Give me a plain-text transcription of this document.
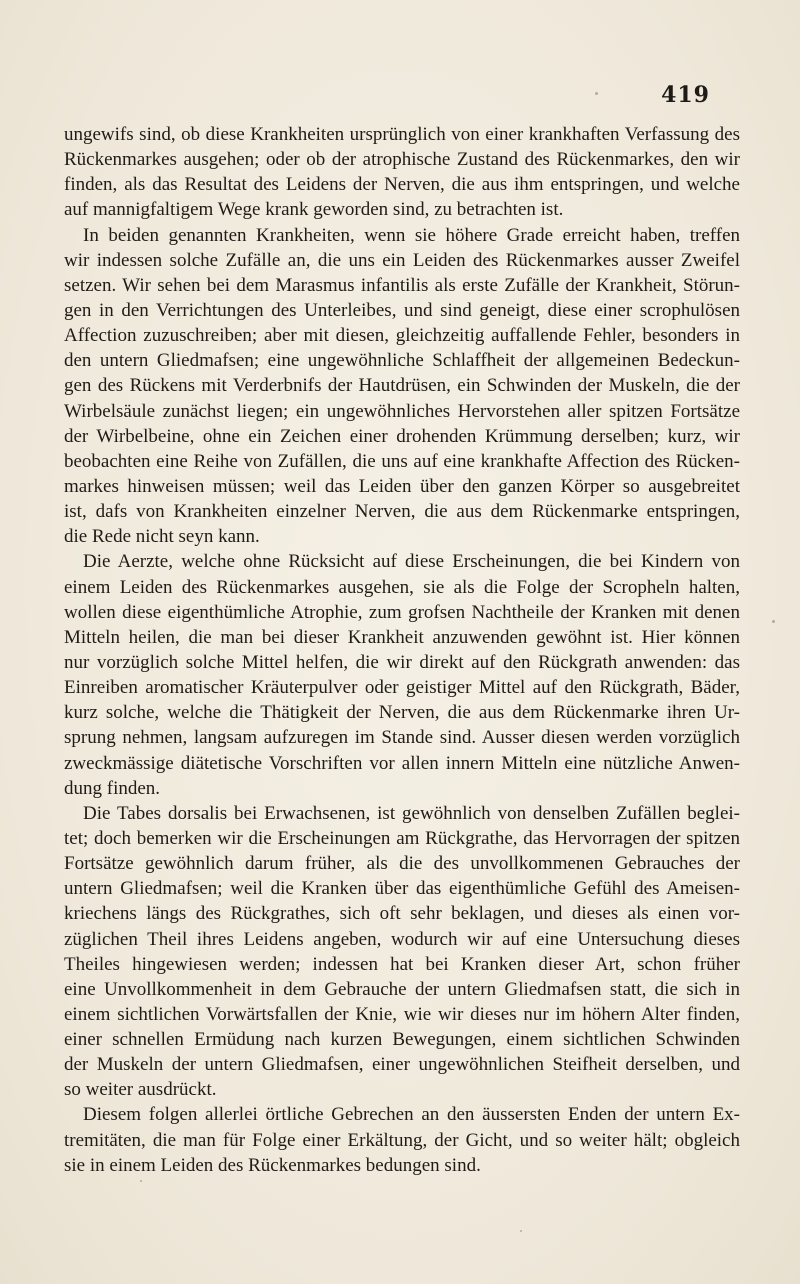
419
ungewifs sind, ob diese Krankheiten ursprünglich von einer krankhaften Verfassung des
Rückenmarkes ausgehen; oder ob der atrophische Zustand des Rückenmarkes, den wir
finden, als das Resultat des Leidens der Nerven, die aus ihm entspringen, und welche
auf mannigfaltigem Wege krank geworden sind, zu betrachten ist.
In beiden genannten Krankheiten, wenn sie höhere Grade erreicht haben, treffen
wir indessen solche Zufälle an, die uns ein Leiden des Rückenmarkes ausser Zweifel
setzen. Wir sehen bei dem Marasmus infantilis als erste Zufälle der Krankheit, Störun-
gen in den Verrichtungen des Unterleibes, und sind geneigt, diese einer scrophulösen
Affection zuzuschreiben; aber mit diesen, gleichzeitig auffallende Fehler, besonders in
den untern Gliedmafsen; eine ungewöhnliche Schlaffheit der allgemeinen Bedeckun-
gen des Rückens mit Verderbnifs der Hautdrüsen, ein Schwinden der Muskeln, die der
Wirbelsäule zunächst liegen; ein ungewöhnliches Hervorstehen aller spitzen Fortsätze
der Wirbelbeine, ohne ein Zeichen einer drohenden Krümmung derselben; kurz, wir
beobachten eine Reihe von Zufällen, die uns auf eine krankhafte Affection des Rücken-
markes hinweisen müssen; weil das Leiden über den ganzen Körper so ausgebreitet
ist, dafs von Krankheiten einzelner Nerven, die aus dem Rückenmarke entspringen,
die Rede nicht seyn kann.
Die Aerzte, welche ohne Rücksicht auf diese Erscheinungen, die bei Kindern von
einem Leiden des Rückenmarkes ausgehen, sie als die Folge der Scropheln halten,
wollen diese eigenthümliche Atrophie, zum grofsen Nachtheile der Kranken mit denen
Mitteln heilen, die man bei dieser Krankheit anzuwenden gewöhnt ist. Hier können
nur vorzüglich solche Mittel helfen, die wir direkt auf den Rückgrath anwenden: das
Einreiben aromatischer Kräuterpulver oder geistiger Mittel auf den Rückgrath, Bäder,
kurz solche, welche die Thätigkeit der Nerven, die aus dem Rückenmarke ihren Ur-
sprung nehmen, langsam aufzuregen im Stande sind. Ausser diesen werden vorzüglich
zweckmässige diätetische Vorschriften vor allen innern Mitteln eine nützliche Anwen-
dung finden.
Die Tabes dorsalis bei Erwachsenen, ist gewöhnlich von denselben Zufällen beglei-
tet; doch bemerken wir die Erscheinungen am Rückgrathe, das Hervorragen der spitzen
Fortsätze gewöhnlich darum früher, als die des unvollkommenen Gebrauches der
untern Gliedmafsen; weil die Kranken über das eigenthümliche Gefühl des Ameisen-
kriechens längs des Rückgrathes, sich oft sehr beklagen, und dieses als einen vor-
züglichen Theil ihres Leidens angeben, wodurch wir auf eine Untersuchung dieses
Theiles hingewiesen werden; indessen hat bei Kranken dieser Art, schon früher
eine Unvollkommenheit in dem Gebrauche der untern Gliedmafsen statt, die sich in
einem sichtlichen Vorwärtsfallen der Knie, wie wir dieses nur im höhern Alter finden,
einer schnellen Ermüdung nach kurzen Bewegungen, einem sichtlichen Schwinden
der Muskeln der untern Gliedmafsen, einer ungewöhnlichen Steifheit derselben, und
so weiter ausdrückt.
Diesem folgen allerlei örtliche Gebrechen an den äussersten Enden der untern Ex-
tremitäten, die man für Folge einer Erkältung, der Gicht, und so weiter hält; obgleich
sie in einem Leiden des Rückenmarkes bedungen sind.
